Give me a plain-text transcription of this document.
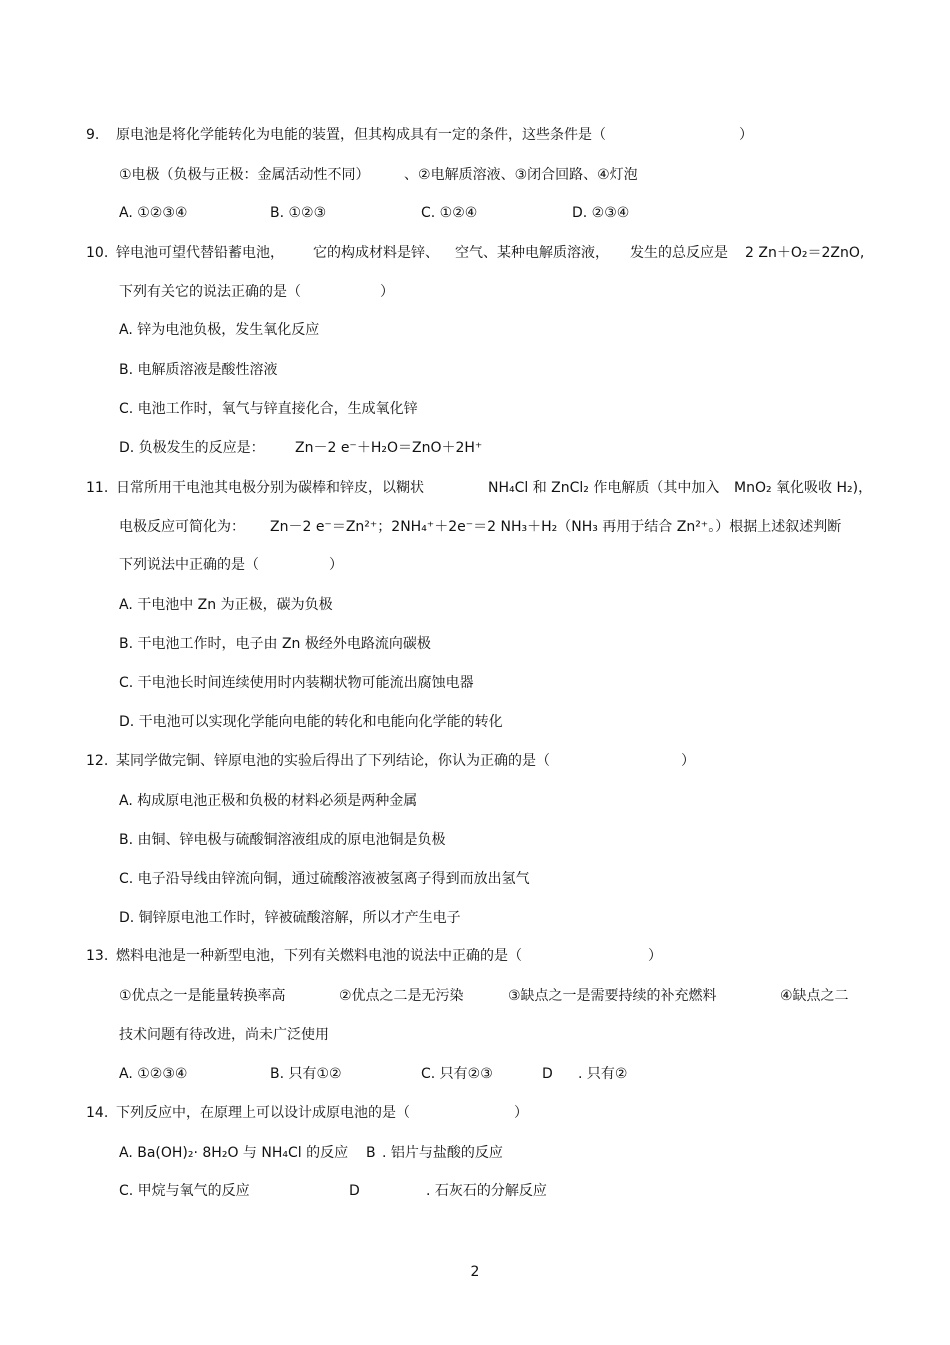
9. 原电池是将化学能转化为电能的装置，但其构成具有一定的条件，这些条件是（	）
①电极（负极与正极：金属活动性不同） 、②电解质溶液、③闭合回路、④灯泡
A. ①②③④	B. ①②③	C. ①②④	D. ②③④
10. 锌电池可望代替铅蓄电池， 它的构成材料是锌、 空气、某种电解质溶液， 发生的总反应是 2 Zn＋O₂＝2ZnO,
下列有关它的说法正确的是（	）
A. 锌为电池负极，发生氧化反应
B. 电解质溶液是酸性溶液
C. 电池工作时，氧气与锌直接化合，生成氧化锌
D. 负极发生的反应是： Zn－2 e⁻＋H₂O＝ZnO＋2H⁺
11. 日常所用干电池其电极分别为碳棒和锌皮，以糊状	NH₄Cl 和 ZnCl₂ 作电解质（其中加入 MnO₂ 氧化吸收 H₂)，
电极反应可简化为： Zn－2 e⁻＝Zn²⁺；2NH₄⁺＋2e⁻＝2 NH₃＋H₂（NH₃ 再用于结合 Zn²⁺。）根据上述叙述判断
下列说法中正确的是（	）
A. 干电池中 Zn 为正极，碳为负极
B. 干电池工作时，电子由 Zn 极经外电路流向碳极
C. 干电池长时间连续使用时内装糊状物可能流出腐蚀电器
D. 干电池可以实现化学能向电能的转化和电能向化学能的转化
12. 某同学做完铜、锌原电池的实验后得出了下列结论，你认为正确的是（	）
A. 构成原电池正极和负极的材料必须是两种金属
B. 由铜、锌电极与硫酸铜溶液组成的原电池铜是负极
C. 电子沿导线由锌流向铜，通过硫酸溶液被氢离子得到而放出氢气
D. 铜锌原电池工作时，锌被硫酸溶解，所以才产生电子
13. 燃料电池是一种新型电池，下列有关燃料电池的说法中正确的是（	）
①优点之一是能量转换率高	②优点之二是无污染	③缺点之一是需要持续的补充燃料	④缺点之二
技术问题有待改进，尚未广泛使用
A. ①②③④	B. 只有①②	C. 只有②③	D . 只有②
14. 下列反应中，在原理上可以设计成原电池的是（	）
A. Ba(OH)₂· 8H₂O 与 NH₄Cl 的反应 B . 铝片与盐酸的反应
C. 甲烷与氧气的反应	D	. 石灰石的分解反应
2
